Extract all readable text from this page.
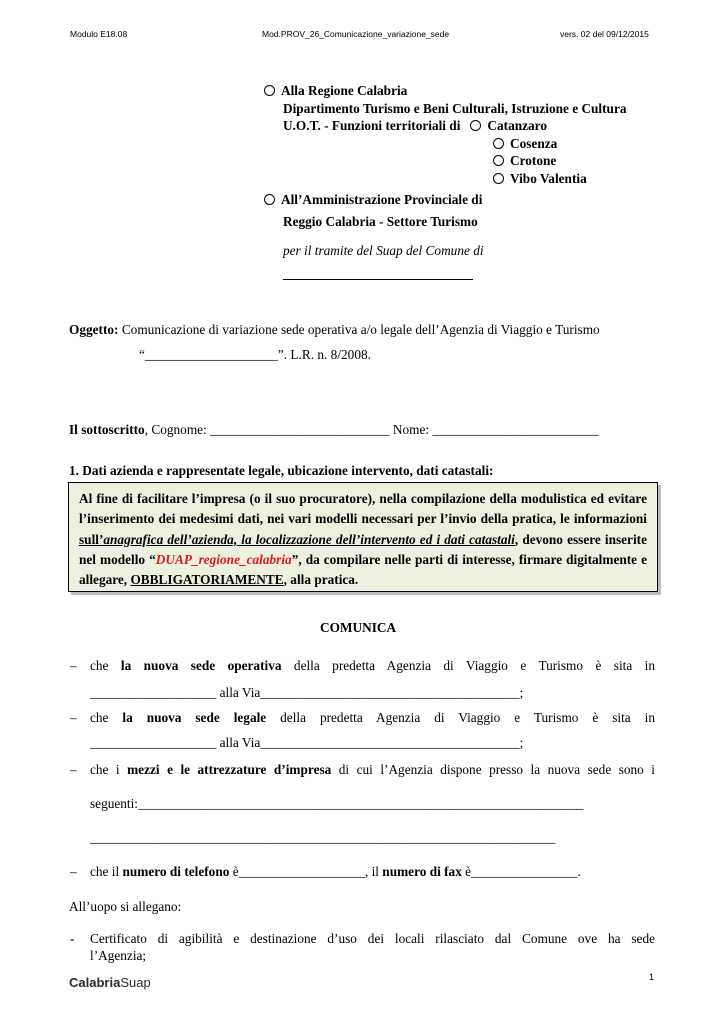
Modulo E18.08	Mod.PROV_26_Comunicazione_variazione_sede	vers. 02 del 09/12/2015
Alla Regione Calabria
Dipartimento Turismo e Beni Culturali, Istruzione e Cultura
U.O.T. - Funzioni territoriali di Catanzaro
Cosenza
Crotone
Vibo Valentia
All’Amministrazione Provinciale di
Reggio Calabria - Settore Turismo
per il tramite del Suap del Comune di
Oggetto: Comunicazione di variazione sede operativa a/o legale dell’Agenzia di Viaggio e Turismo
“____________________”. L.R. n. 8/2008.
Il sottoscritto, Cognome: ___________________________ Nome: _________________________
1. Dati azienda e rappresentate legale, ubicazione intervento, dati catastali:
Al fine di facilitare l’impresa (o il suo procuratore), nella compilazione della modulistica ed evitare l’inserimento dei medesimi dati, nei vari modelli necessari per l’invio della pratica, le informazioni sull’anagrafica dell’azienda, la localizzazione dell’intervento ed i dati catastali, devono essere inserite nel modello “DUAP_regione_calabria”, da compilare nelle parti di interesse, firmare digitalmente e allegare, OBBLIGATORIAMENTE, alla pratica.
COMUNICA
– che la nuova sede operativa della predetta Agenzia di Viaggio e Turismo è sita in
___________________ alla Via_______________________________________;
– che la nuova sede legale della predetta Agenzia di Viaggio e Turismo è sita in
___________________ alla Via_______________________________________;
– che i mezzi e le attrezzature d’impresa di cui l’Agenzia dispone presso la nuova sede sono i
seguenti:___________________________________________________________________
______________________________________________________________________
– che il numero di telefono è___________________, il numero di fax è________________.
All’uopo si allegano:
- Certificato di agibilità e destinazione d’uso dei locali rilasciato dal Comune ove ha sede
l’Agenzia;
CalabriaSuap	1
